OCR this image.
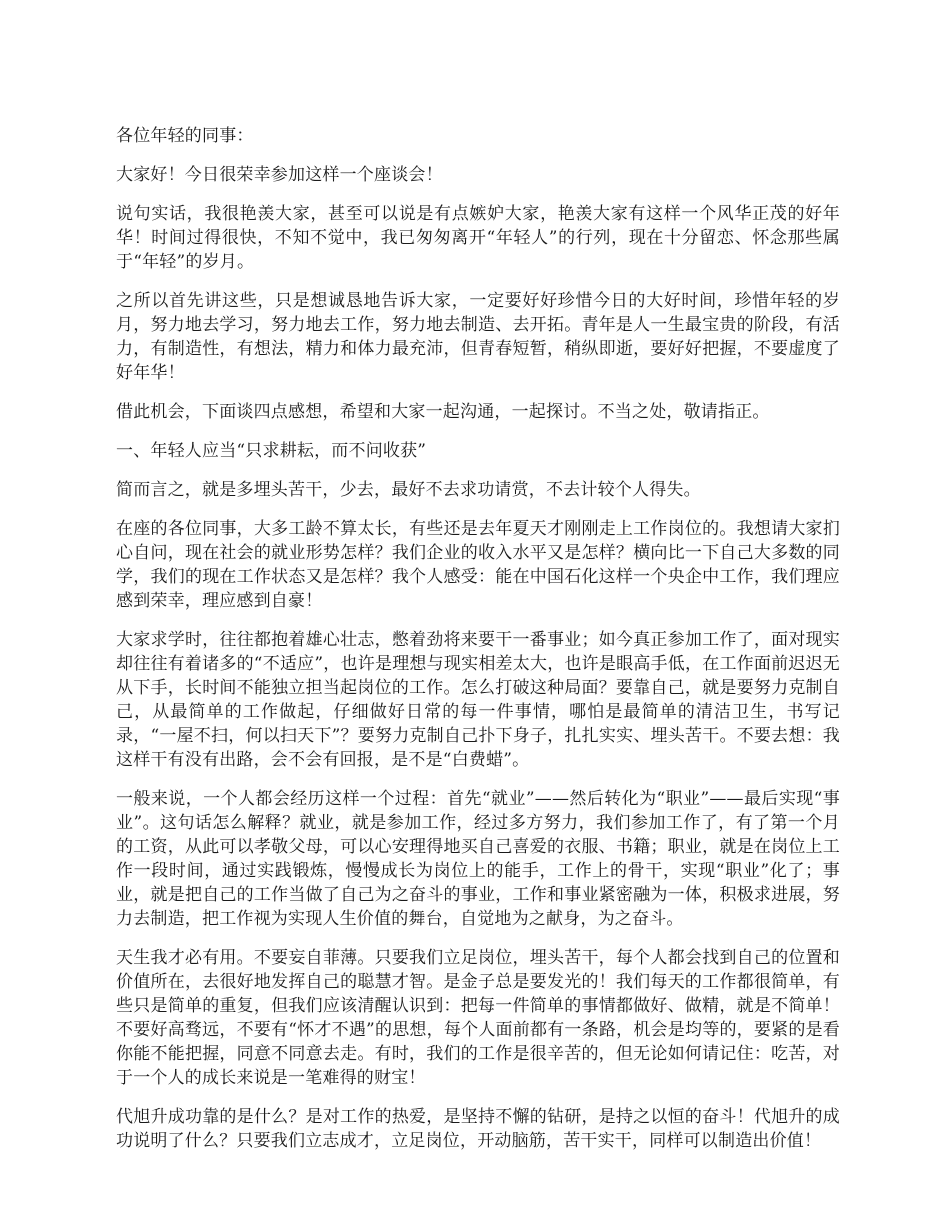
各位年轻的同事：

大家好！今日很荣幸参加这样一个座谈会！

说句实话，我很艳羡大家，甚至可以说是有点嫉妒大家，艳羡大家有这样一个风华正茂的好年华！时间过得很快，不知不觉中，我已匆匆离开“年轻人”的行列，现在十分留恋、怀念那些属于“年轻”的岁月。

之所以首先讲这些，只是想诚恳地告诉大家，一定要好好珍惜今日的大好时间，珍惜年轻的岁月，努力地去学习，努力地去工作，努力地去制造、去开拓。青年是人一生最宝贵的阶段，有活力，有制造性，有想法，精力和体力最充沛，但青春短暂，稍纵即逝，要好好把握，不要虚度了好年华！

借此机会，下面谈四点感想，希望和大家一起沟通，一起探讨。不当之处，敬请指正。

一、年轻人应当“只求耕耘，而不问收获”

简而言之，就是多埋头苦干，少去，最好不去求功请赏，不去计较个人得失。

在座的各位同事，大多工龄不算太长，有些还是去年夏天才刚刚走上工作岗位的。我想请大家扪心自问，现在社会的就业形势怎样？我们企业的收入水平又是怎样？横向比一下自己大多数的同学，我们的现在工作状态又是怎样？我个人感受：能在中国石化这样一个央企中工作，我们理应感到荣幸，理应感到自豪！

大家求学时，往往都抱着雄心壮志，憋着劲将来要干一番事业；如今真正参加工作了，面对现实却往往有着诸多的“不适应”，也许是理想与现实相差太大，也许是眼高手低，在工作面前迟迟无从下手，长时间不能独立担当起岗位的工作。怎么打破这种局面？要靠自己，就是要努力克制自己，从最简单的工作做起，仔细做好日常的每一件事情，哪怕是最简单的清洁卫生，书写记录，“一屋不扫，何以扫天下”？要努力克制自己扑下身子，扎扎实实、埋头苦干。不要去想：我这样干有没有出路，会不会有回报，是不是“白费蜡”。

一般来说，一个人都会经历这样一个过程：首先“就业”——然后转化为“职业”——最后实现“事业”。这句话怎么解释？就业，就是参加工作，经过多方努力，我们参加工作了，有了第一个月的工资，从此可以孝敬父母，可以心安理得地买自己喜爱的衣服、书籍；职业，就是在岗位上工作一段时间，通过实践锻炼，慢慢成长为岗位上的能手，工作上的骨干，实现“职业”化了；事业，就是把自己的工作当做了自己为之奋斗的事业，工作和事业紧密融为一体，积极求进展，努力去制造，把工作视为实现人生价值的舞台，自觉地为之献身，为之奋斗。

天生我才必有用。不要妄自菲薄。只要我们立足岗位，埋头苦干，每个人都会找到自己的位置和价值所在，去很好地发挥自己的聪慧才智。是金子总是要发光的！我们每天的工作都很简单，有些只是简单的重复，但我们应该清醒认识到：把每一件简单的事情都做好、做精，就是不简单！不要好高骛远，不要有“怀才不遇”的思想，每个人面前都有一条路，机会是均等的，要紧的是看你能不能把握，同意不同意去走。有时，我们的工作是很辛苦的，但无论如何请记住：吃苦，对于一个人的成长来说是一笔难得的财宝！

代旭升成功靠的是什么？是对工作的热爱，是坚持不懈的钻研，是持之以恒的奋斗！代旭升的成功说明了什么？只要我们立志成才，立足岗位，开动脑筋，苦干实干，同样可以制造出价值！
